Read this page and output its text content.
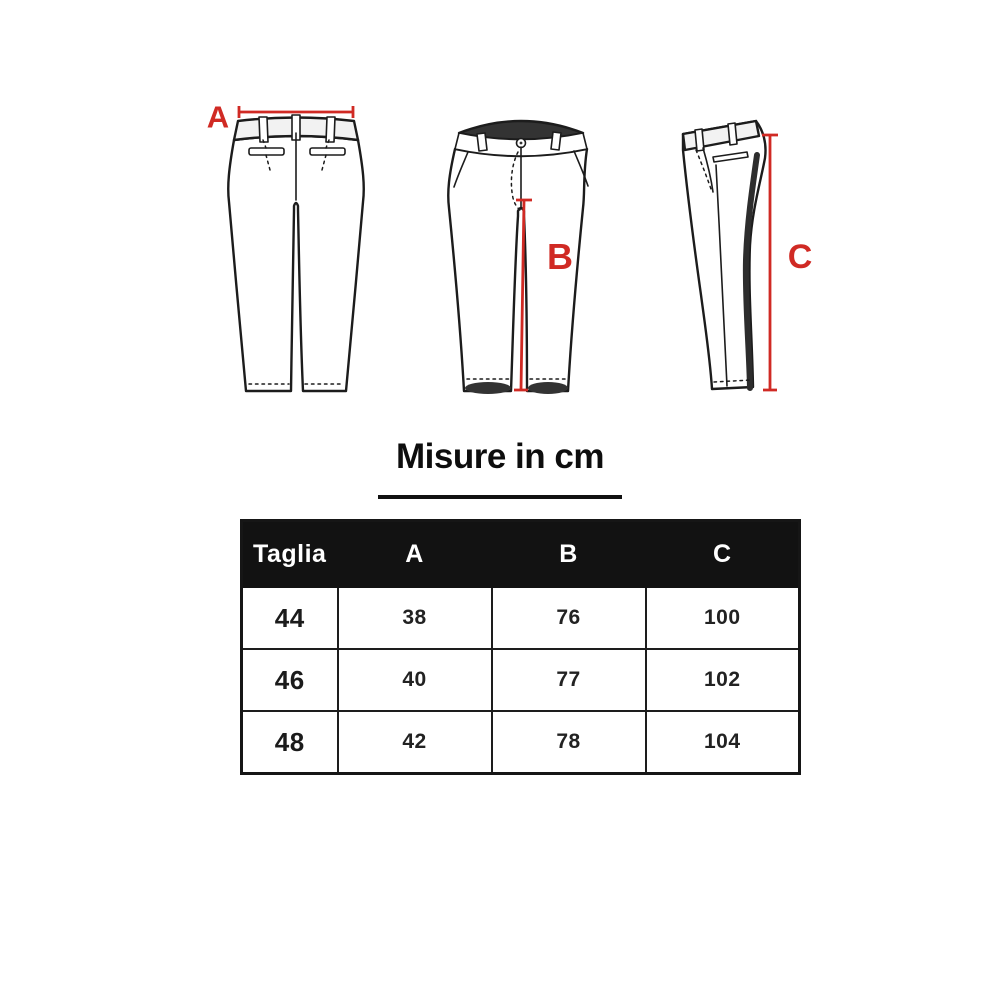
A
B	C
Misure in cm
Taglia	A	B	C
44	38	76	100
46	40	77	102
48	42	78	104
